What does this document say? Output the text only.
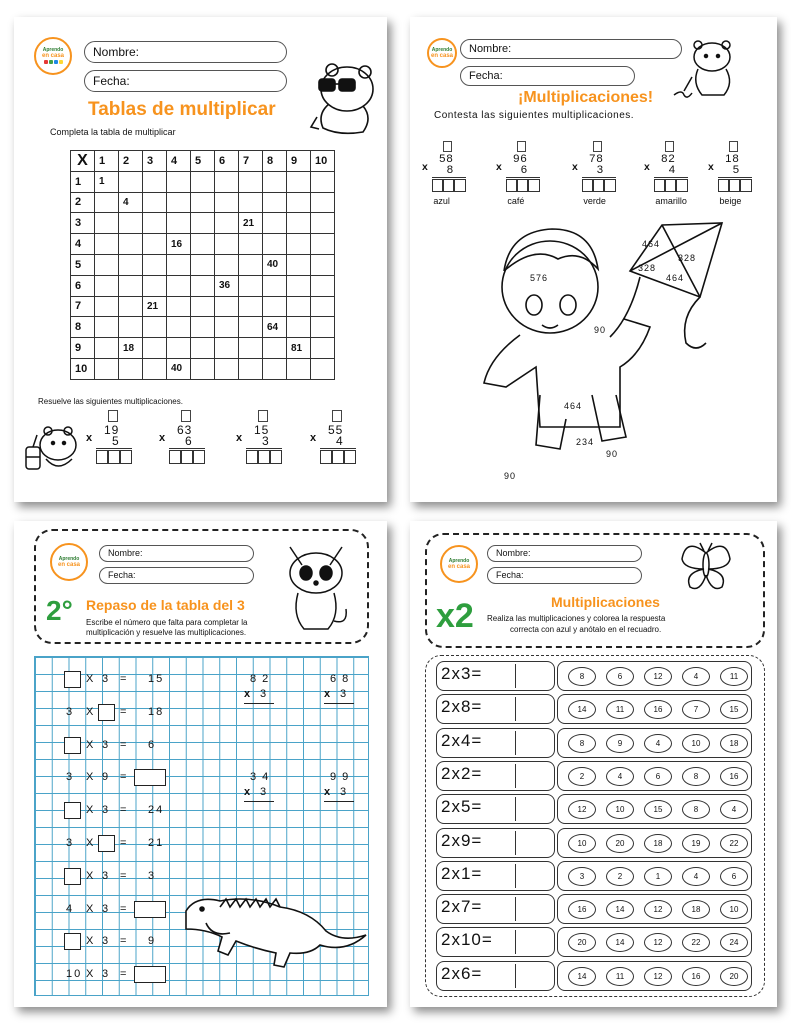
Aprendo
en casa	Nombre:
Fecha:
Tablas de multiplicar
Completa la tabla de multiplicar
X	1	2	3	4	5	6	7	8	9	10
1	1									
2		4								
3							21			
4				16						
5								40		
6						36				
7			21							
8								64		
9		18							81	
10				40						
Resuelve las siguientes multiplicaciones.
19
x 5
63
x 6
15
x 3
55
x 4
Aprendo
en casa
Nombre:
Fecha:
¡Multiplicaciones!
Contesta las siguientes multiplicaciones.
58
x 8
azul
96
x 6
café
78
x 3
verde
82
x 4
amarillo
18
x 5
beige
576
464
328
328
464
90
464
234
90
90
Aprendo
en casa
Nombre:
Fecha:
2° Repaso de la tabla del 3
Escribe el número que falta para completar la
multiplicación y resuelve las multiplicaciones.
X 3 = 15
3 X = 18
X 3 = 6
3 X 9 =
X 3 = 24
3 X = 21
X 3 = 3
4 X 3 =
X 3 = 9
10 X 3 =
82
x 3
68
x 3
34
x 3
99
x 3
Aprendo
en casa
Nombre:
Fecha:
x2	Multiplicaciones
Realiza las multiplicaciones y colorea la respuesta
correcta con azul y anótalo en el recuadro.
2x3=	8	6	12	4	11
2x8=	14	11	16	7	15
2x4=	8	9	4	10	18
2x2=	2	4	6	8	16
2x5=	12	10	15	8	4
2x9=	10	20	18	19	22
2x1=	3	2	1	4	6
2x7=	16	14	12	18	10
2x10=	20	14	12	22	24
2x6=	14	11	12	16	20
